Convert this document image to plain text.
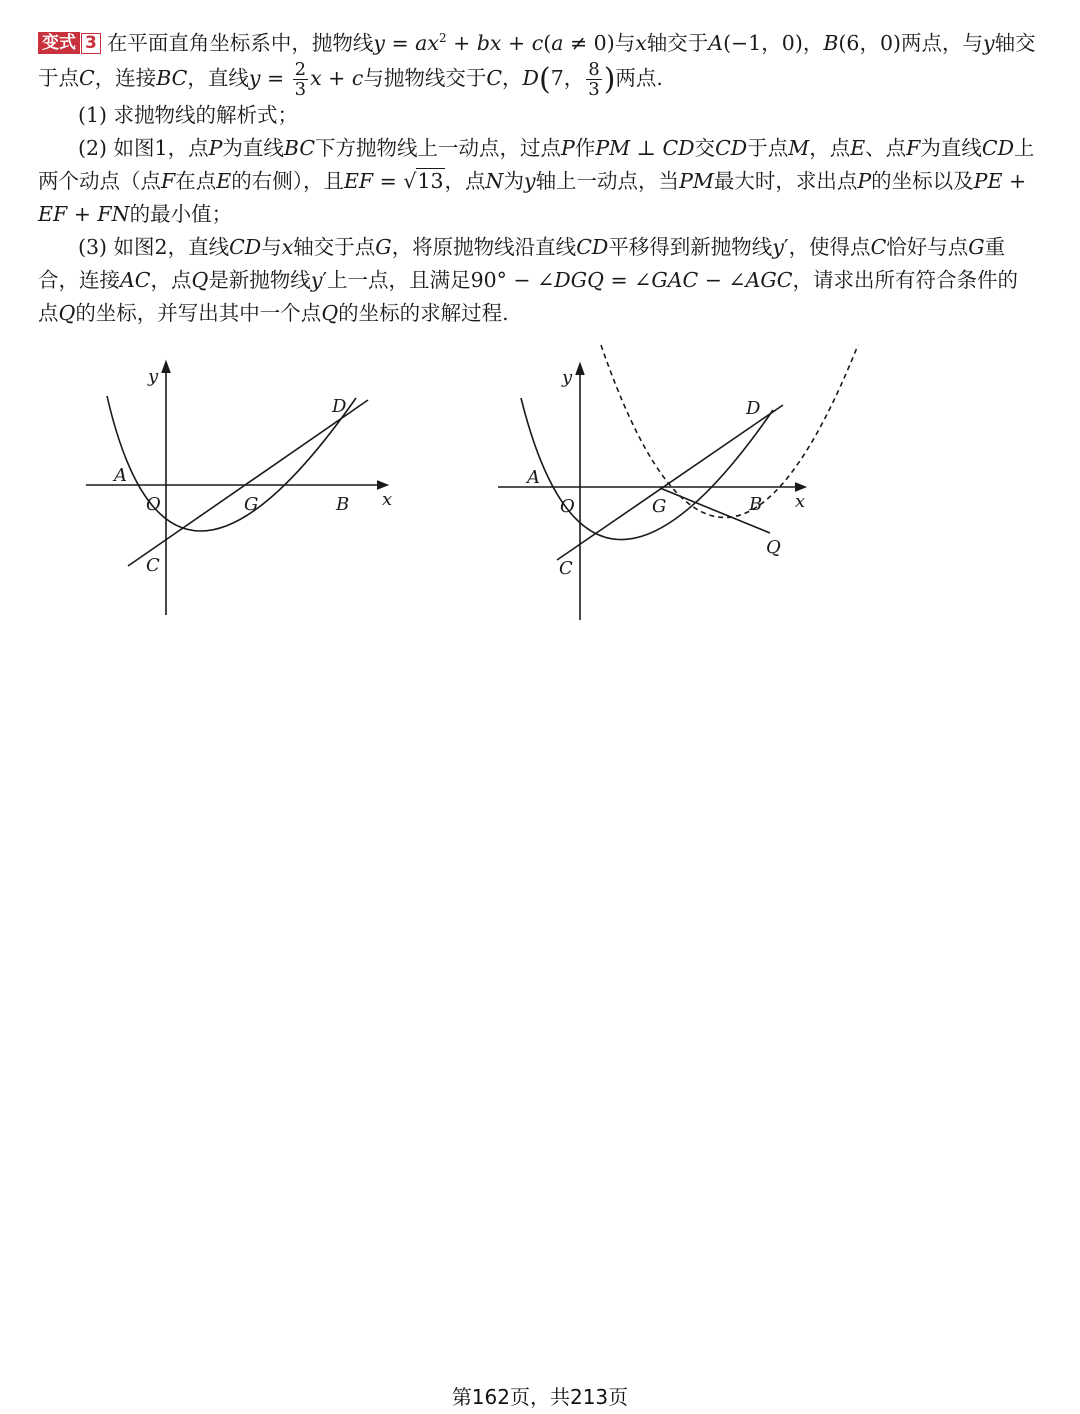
变式 3 在平面直角坐标系中，抛物线$y = ax^2$ + bx + c(a ≠ 0)与x轴交于A(−1，0)，B(6，0)两点，与y轴交于点C，连接BC，直线$y = \frac{2}{3}$ x + c与抛物线交于C，D(7， $\frac{8}{3}$ )两点.

(1) 求抛物线的解析式；

(2) 如图1，点P为直线BC下方抛物线上一动点，过点P作PM ⊥ CD交CD于点M，点E、点F为直线CD上两个动点（点F在点E的右侧），且EF = √13，点N为y轴上一动点，当PM最大时，求出点P的坐标以及PE + EF + FN的最小值；

(3) 如图2，直线CD与x轴交于点G，将原抛物线沿直线CD平移得到新抛物线y′，使得点C恰好与点G重合，连接AC，点Q是新抛物线y′上一点，且满足90° − ∠DGQ = ∠GAC − ∠AGC，请求出所有符合条件的点Q的坐标，并写出其中一个点Q的坐标的求解过程.

y
x
A
O	G	B
C
D
y
x
A
O	G	B
C
D
Q
第162页，共213页
